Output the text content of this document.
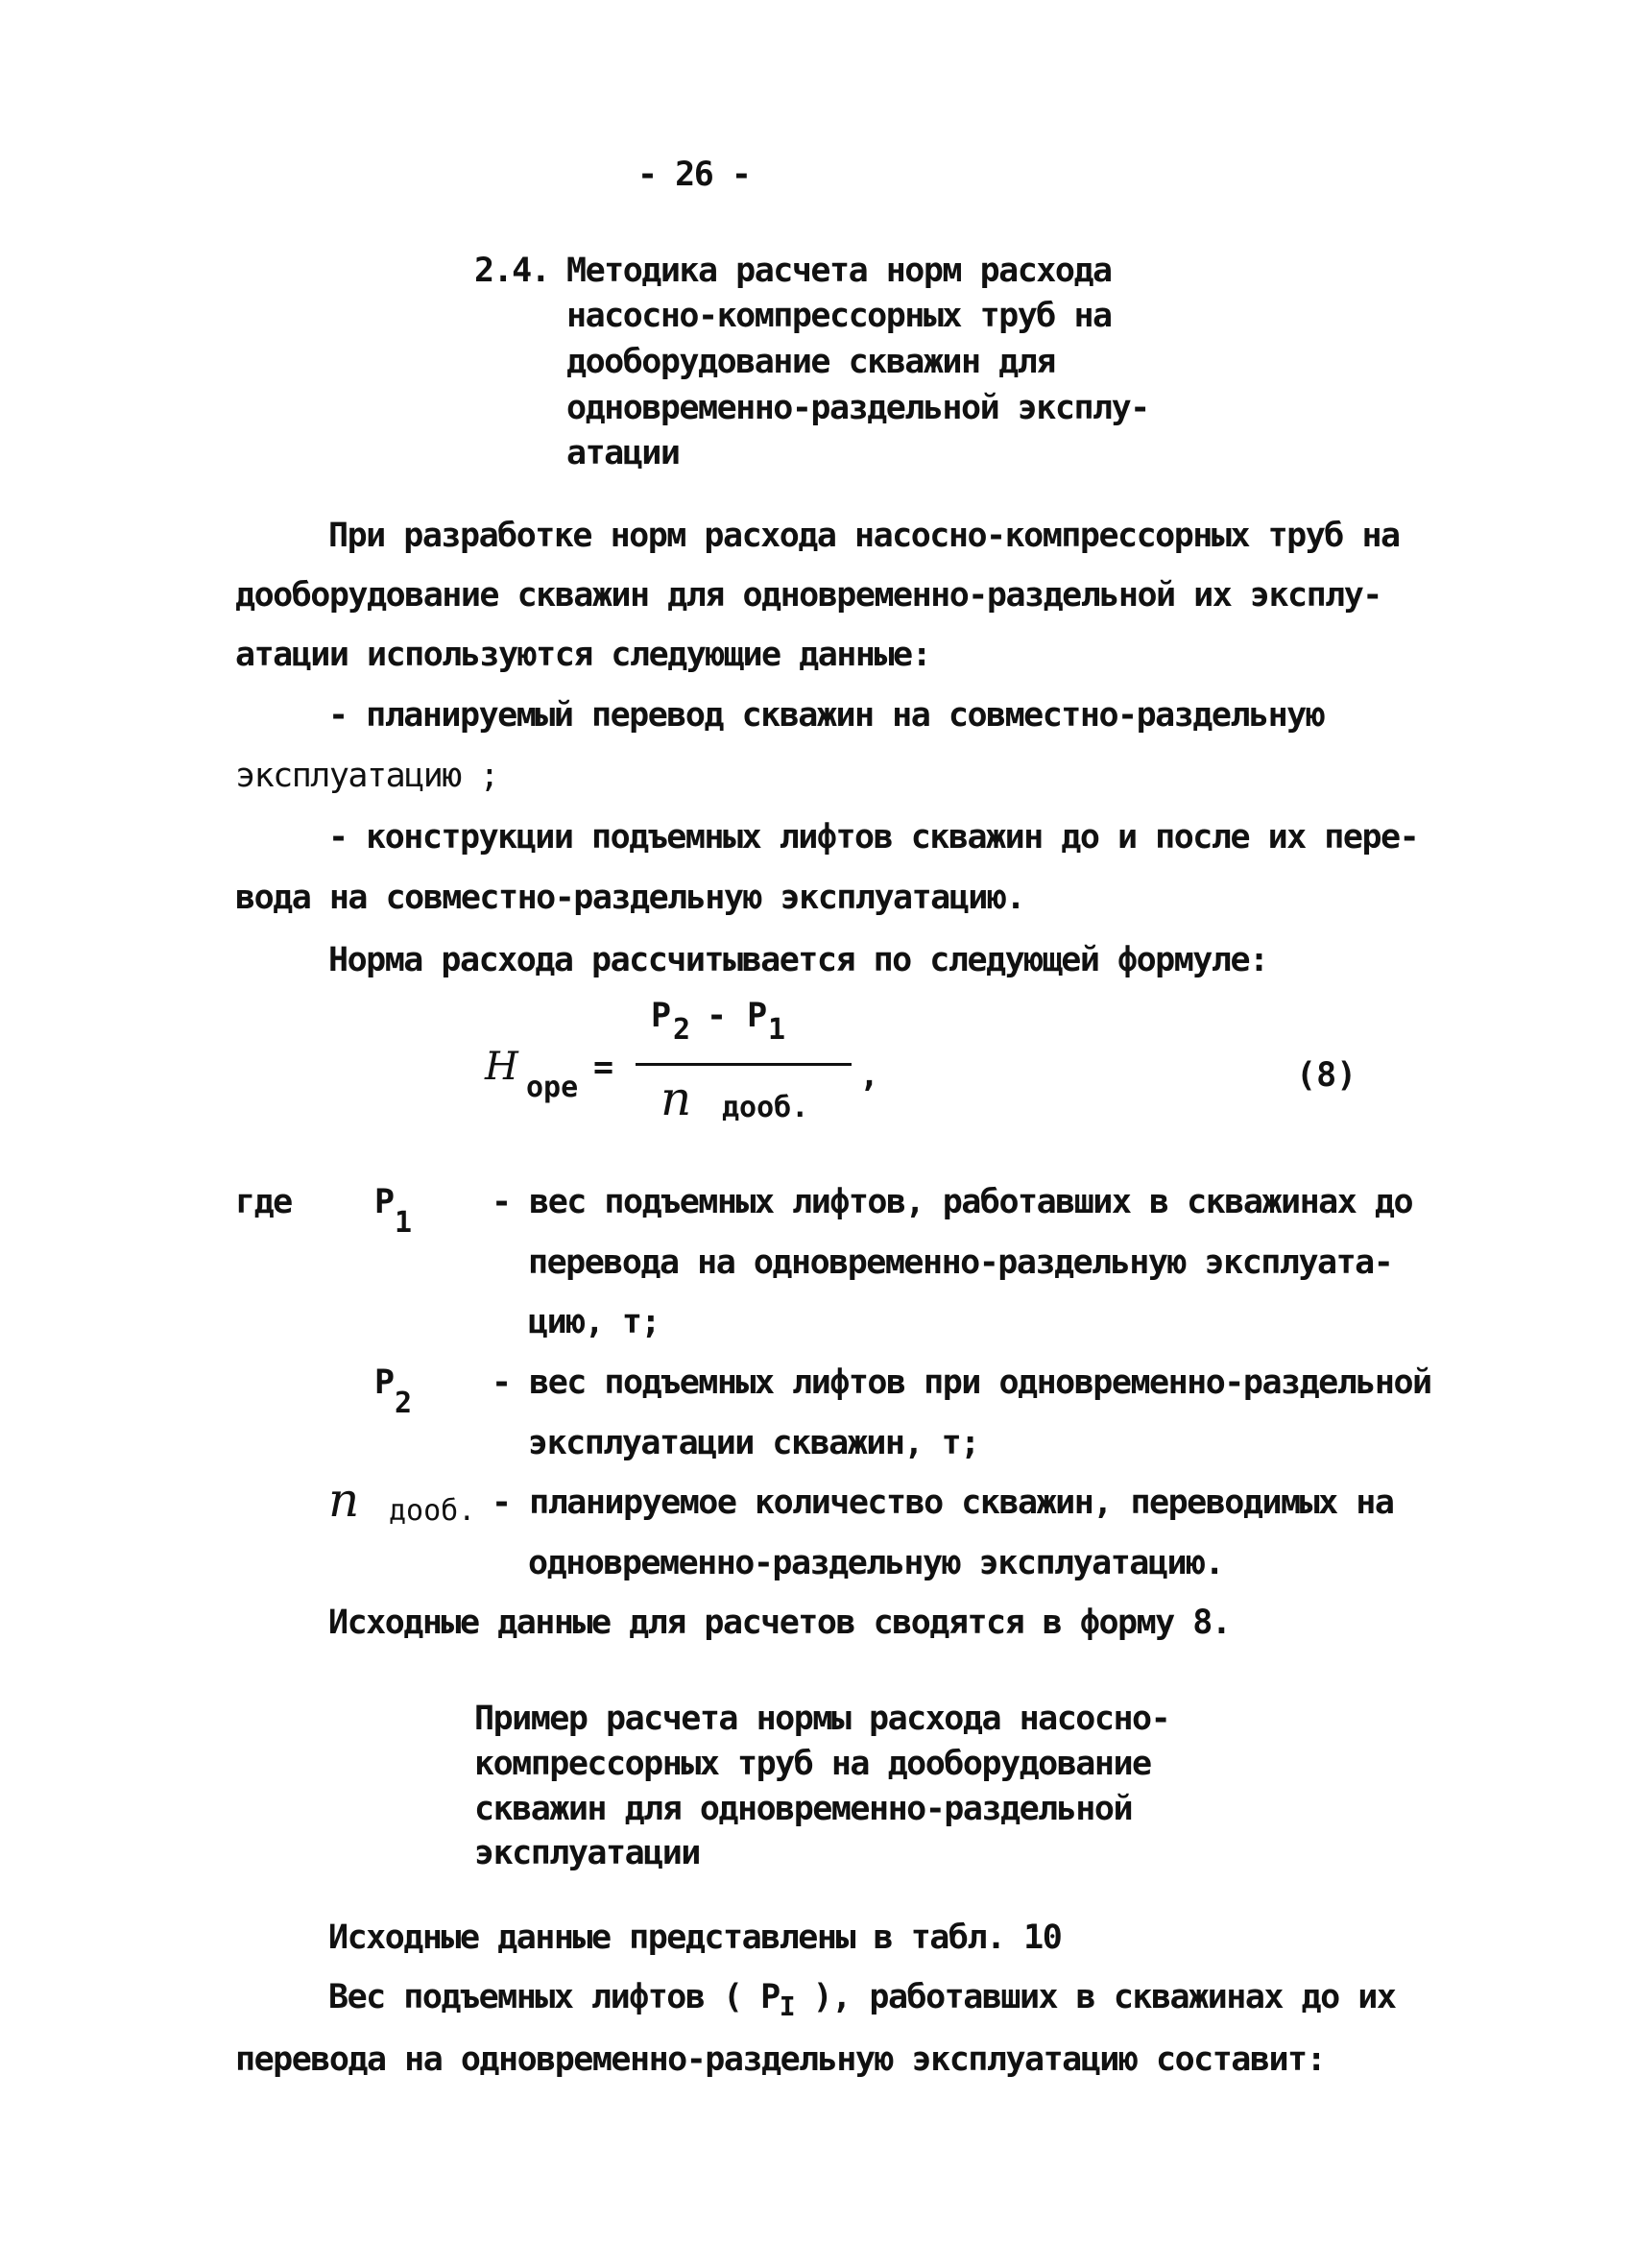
- 26 -
2.4. Методика расчета норм расхода
насосно-компрессорных труб на
дооборудование скважин для
одновременно-раздельной эксплу-
атации
При разработке норм расхода насосно-компрессорных труб на
дооборудование скважин для одновременно-раздельной их эксплу-
атации используются следующие данные:
- планируемый перевод скважин на совместно-раздельную
эксплуатацию ;
- конструкции подъемных лифтов скважин до и после их пере-
вода на совместно-раздельную эксплуатацию.
Норма расхода рассчитывается по следующей формуле:
Н оре
=
P 2 - P 1
n дооб.
,	(8)
где P
1
- вес подъемных лифтов, работавших в скважинах до
перевода на одновременно-раздельную эксплуата-
цию, т;
P
2
- вес подъемных лифтов при одновременно-раздельной
эксплуатации скважин, т;
n дооб. - планируемое количество скважин, переводимых на
одновременно-раздельную эксплуатацию.
Исходные данные для расчетов сводятся в форму 8.
Пример расчета нормы расхода насосно-
компрессорных труб на дооборудование
скважин для одновременно-раздельной
эксплуатации
Исходные данные представлены в табл. 10
Вес подъемных лифтов ( $P_I$ ), работавших в скважинах до их
перевода на одновременно-раздельную эксплуатацию составит:
